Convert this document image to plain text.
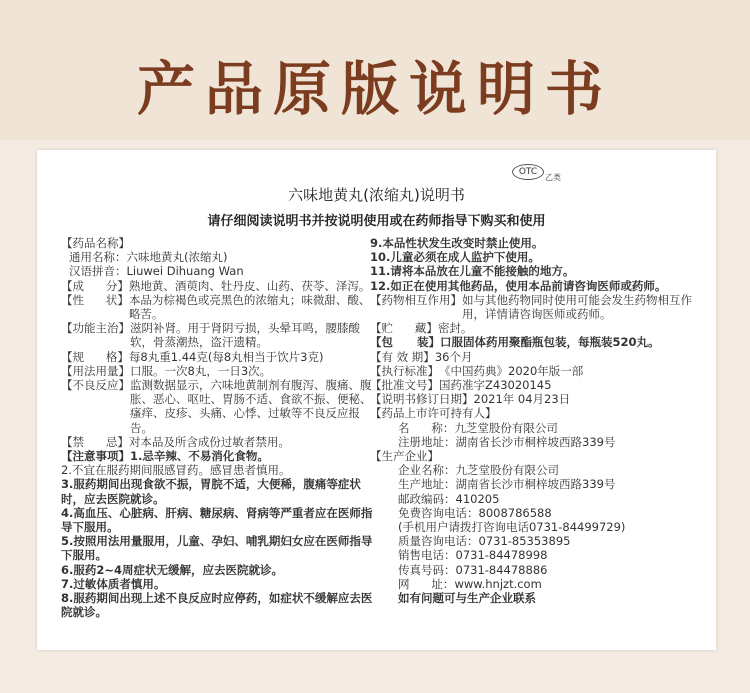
产品原版说明书
OTC
乙类
六味地黄丸(浓缩丸)说明书
请仔细阅读说明书并按说明使用或在药师指导下购买和使用
【药品名称】
通用名称： 六味地黄丸(浓缩丸)
汉语拼音： Liuwei Dihuang Wan
【成      分】 熟地黄、酒萸肉、牡丹皮、山药、茯苓、泽泻。
【性      状】 本品为棕褐色或亮黑色的浓缩丸；味微甜、酸、略苦。
【功能主治】 滋阴补肾。用于肾阴亏损，头晕耳鸣，腰膝酸软，骨蒸潮热，盗汗遗精。
【规      格】 每8丸重1.44克(每8丸相当于饮片3克)
【用法用量】 口服。一次8丸，一日3次。
【不良反应】 监测数据显示，六味地黄制剂有腹泻、腹痛、腹胀、恶心、呕吐、胃肠不适、食欲不振、便秘、瘙痒、皮疹、头痛、心悸、过敏等不良反应报告。
【禁      忌】 对本品及所含成份过敏者禁用。
【注意事项】 1.忌辛辣、不易消化食物。
2.不宜在服药期间服感冒药。感冒患者慎用。
3.服药期间出现食欲不振，胃脘不适，大便稀，腹痛等症状时，应去医院就诊。
4.高血压、心脏病、肝病、糖尿病、肾病等严重者应在医师指导下服用。
5.按照用法用量服用，儿童、孕妇、哺乳期妇女应在医师指导下服用。
6.服药2~4周症状无缓解，应去医院就诊。
7.过敏体质者慎用。
8.服药期间出现上述不良反应时应停药，如症状不缓解应去医院就诊。
9.本品性状发生改变时禁止使用。
10.儿童必须在成人监护下使用。
11.请将本品放在儿童不能接触的地方。
12.如正在使用其他药品，使用本品前请咨询医师或药师。
【药物相互作用】 如与其他药物同时使用可能会发生药物相互作用，详情请咨询医师或药师。
【贮      藏】 密封。
【包      装】 口服固体药用聚酯瓶包装，每瓶装520丸。
【有 效 期】 36个月
【执行标准】 《中国药典》2020年版一部
【批准文号】 国药准字Z43020145
【说明书修订日期】 2021年 04月23日
【药品上市许可持有人】
名      称： 九芝堂股份有限公司
注册地址： 湖南省长沙市桐梓坡西路339号
【生产企业】
企业名称： 九芝堂股份有限公司
生产地址： 湖南省长沙市桐梓坡西路339号
邮政编码： 410205
免费咨询电话： 8008786588
(手机用户请拨打咨询电话0731-84499729)
质量咨询电话： 0731-85353895
销售电话： 0731-84478998
传真号码： 0731-84478886
网      址： www.hnjzt.com
如有问题可与生产企业联系
